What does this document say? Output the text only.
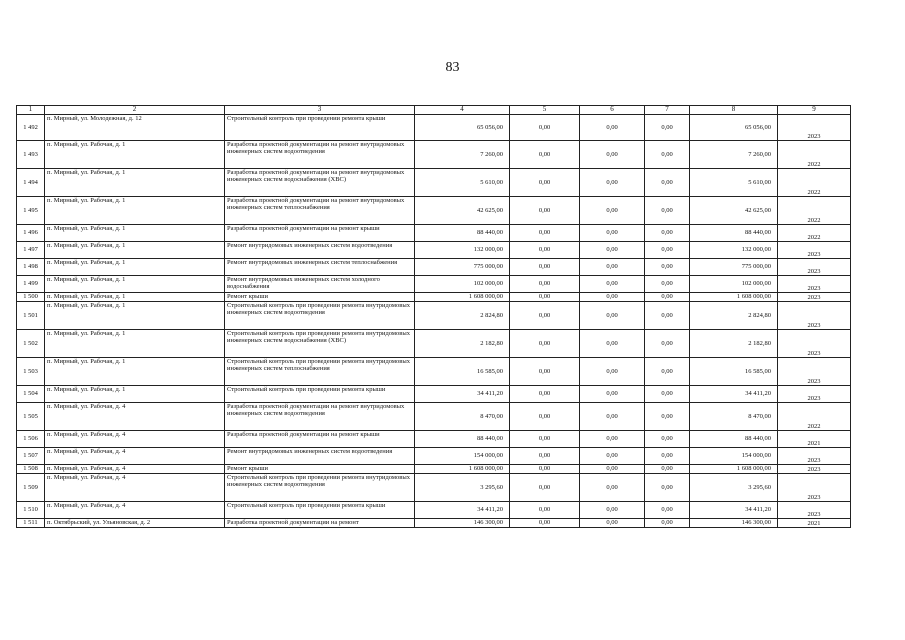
83
1	2	3	4	5	6	7	8	9
1 492	п. Мирный, ул. Молодежная, д. 12	Строительный контроль при проведении ремонта крыши	65 056,00	0,00	0,00	0,00	65 056,00	2023
1 493	п. Мирный, ул. Рабочая, д. 1	Разработка проектной документации на ремонт внутридомовых инженерных систем водоотведения	7 260,00	0,00	0,00	0,00	7 260,00	2022
1 494	п. Мирный, ул. Рабочая, д. 1	Разработка проектной документации на ремонт внутридомовых инженерных систем водоснабжения (ХВС)	5 610,00	0,00	0,00	0,00	5 610,00	2022
1 495	п. Мирный, ул. Рабочая, д. 1	Разработка проектной документации на ремонт внутридомовых инженерных систем теплоснабжения	42 625,00	0,00	0,00	0,00	42 625,00	2022
1 496	п. Мирный, ул. Рабочая, д. 1	Разработка проектной документации на ремонт крыши	88 440,00	0,00	0,00	0,00	88 440,00	2022
1 497	п. Мирный, ул. Рабочая, д. 1	Ремонт внутридомовых инженерных систем водоотведения	132 000,00	0,00	0,00	0,00	132 000,00	2023
1 498	п. Мирный, ул. Рабочая, д. 1	Ремонт внутридомовых инженерных систем теплоснабжения	775 000,00	0,00	0,00	0,00	775 000,00	2023
1 499	п. Мирный, ул. Рабочая, д. 1	Ремонт внутридомовых инженерных систем холодного водоснабжения	102 000,00	0,00	0,00	0,00	102 000,00	2023
1 500	п. Мирный, ул. Рабочая, д. 1	Ремонт крыши	1 608 000,00	0,00	0,00	0,00	1 608 000,00	2023
1 501	п. Мирный, ул. Рабочая, д. 1	Строительный контроль при проведении ремонта внутридомовых инженерных систем водоотведения	2 824,80	0,00	0,00	0,00	2 824,80	2023
1 502	п. Мирный, ул. Рабочая, д. 1	Строительный контроль при проведении ремонта внутридомовых инженерных систем водоснабжения (ХВС)	2 182,80	0,00	0,00	0,00	2 182,80	2023
1 503	п. Мирный, ул. Рабочая, д. 1	Строительный контроль при проведении ремонта внутридомовых инженерных систем теплоснабжения	16 585,00	0,00	0,00	0,00	16 585,00	2023
1 504	п. Мирный, ул. Рабочая, д. 1	Строительный контроль при проведении ремонта крыши	34 411,20	0,00	0,00	0,00	34 411,20	2023
1 505	п. Мирный, ул. Рабочая, д. 4	Разработка проектной документации на ремонт внутридомовых инженерных систем водоотведения	8 470,00	0,00	0,00	0,00	8 470,00	2022
1 506	п. Мирный, ул. Рабочая, д. 4	Разработка проектной документации на ремонт крыши	88 440,00	0,00	0,00	0,00	88 440,00	2021
1 507	п. Мирный, ул. Рабочая, д. 4	Ремонт внутридомовых инженерных систем водоотведения	154 000,00	0,00	0,00	0,00	154 000,00	2023
1 508	п. Мирный, ул. Рабочая, д. 4	Ремонт крыши	1 608 000,00	0,00	0,00	0,00	1 608 000,00	2023
1 509	п. Мирный, ул. Рабочая, д. 4	Строительный контроль при проведении ремонта внутридомовых инженерных систем водоотведения	3 295,60	0,00	0,00	0,00	3 295,60	2023
1 510	п. Мирный, ул. Рабочая, д. 4	Строительный контроль при проведении ремонта крыши	34 411,20	0,00	0,00	0,00	34 411,20	2023
1 511	п. Октябрьский, ул. Ульяновская, д. 2	Разработка проектной документации на ремонт	146 300,00	0,00	0,00	0,00	146 300,00	2021
